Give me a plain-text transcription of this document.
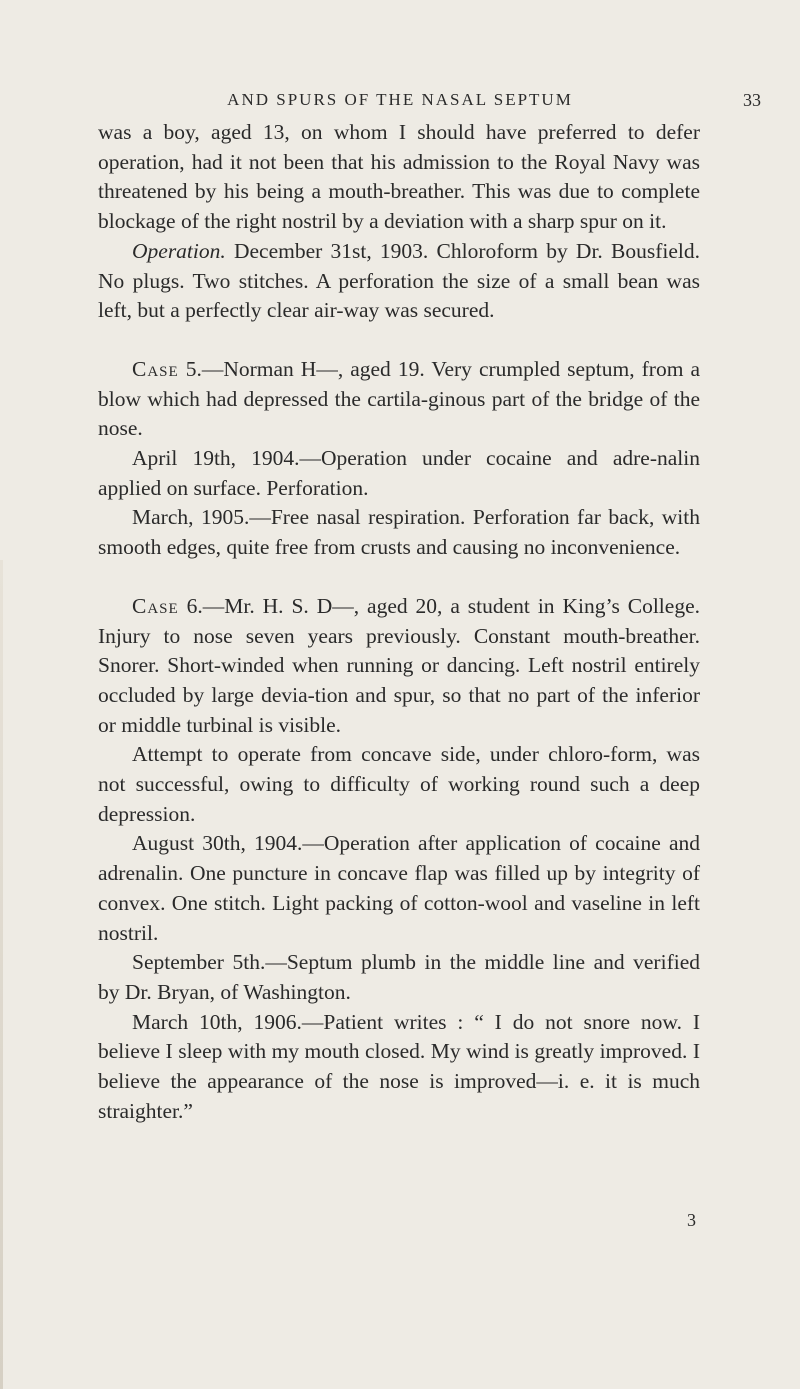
AND SPURS OF THE NASAL SEPTUM	33

was a boy, aged 13, on whom I should have preferred to defer operation, had it not been that his admission to the Royal Navy was threatened by his being a mouth-breather. This was due to complete blockage of the right nostril by a deviation with a sharp spur on it.

Operation. December 31st, 1903. Chloroform by Dr. Bousfield. No plugs. Two stitches. A perforation the size of a small bean was left, but a perfectly clear air-way was secured.

Case 5.—Norman H—, aged 19. Very crumpled septum, from a blow which had depressed the cartila-ginous part of the bridge of the nose.

April 19th, 1904.—Operation under cocaine and adre-nalin applied on surface. Perforation.

March, 1905.—Free nasal respiration. Perforation far back, with smooth edges, quite free from crusts and causing no inconvenience.

Case 6.—Mr. H. S. D—, aged 20, a student in King’s College. Injury to nose seven years previously. Constant mouth-breather. Snorer. Short-winded when running or dancing. Left nostril entirely occluded by large devia-tion and spur, so that no part of the inferior or middle turbinal is visible.

Attempt to operate from concave side, under chloro-form, was not successful, owing to difficulty of working round such a deep depression.

August 30th, 1904.—Operation after application of cocaine and adrenalin. One puncture in concave flap was filled up by integrity of convex. One stitch. Light packing of cotton-wool and vaseline in left nostril.

September 5th.—Septum plumb in the middle line and verified by Dr. Bryan, of Washington.

March 10th, 1906.—Patient writes : “ I do not snore now. I believe I sleep with my mouth closed. My wind is greatly improved. I believe the appearance of the nose is improved—i. e. it is much straighter.”

3
